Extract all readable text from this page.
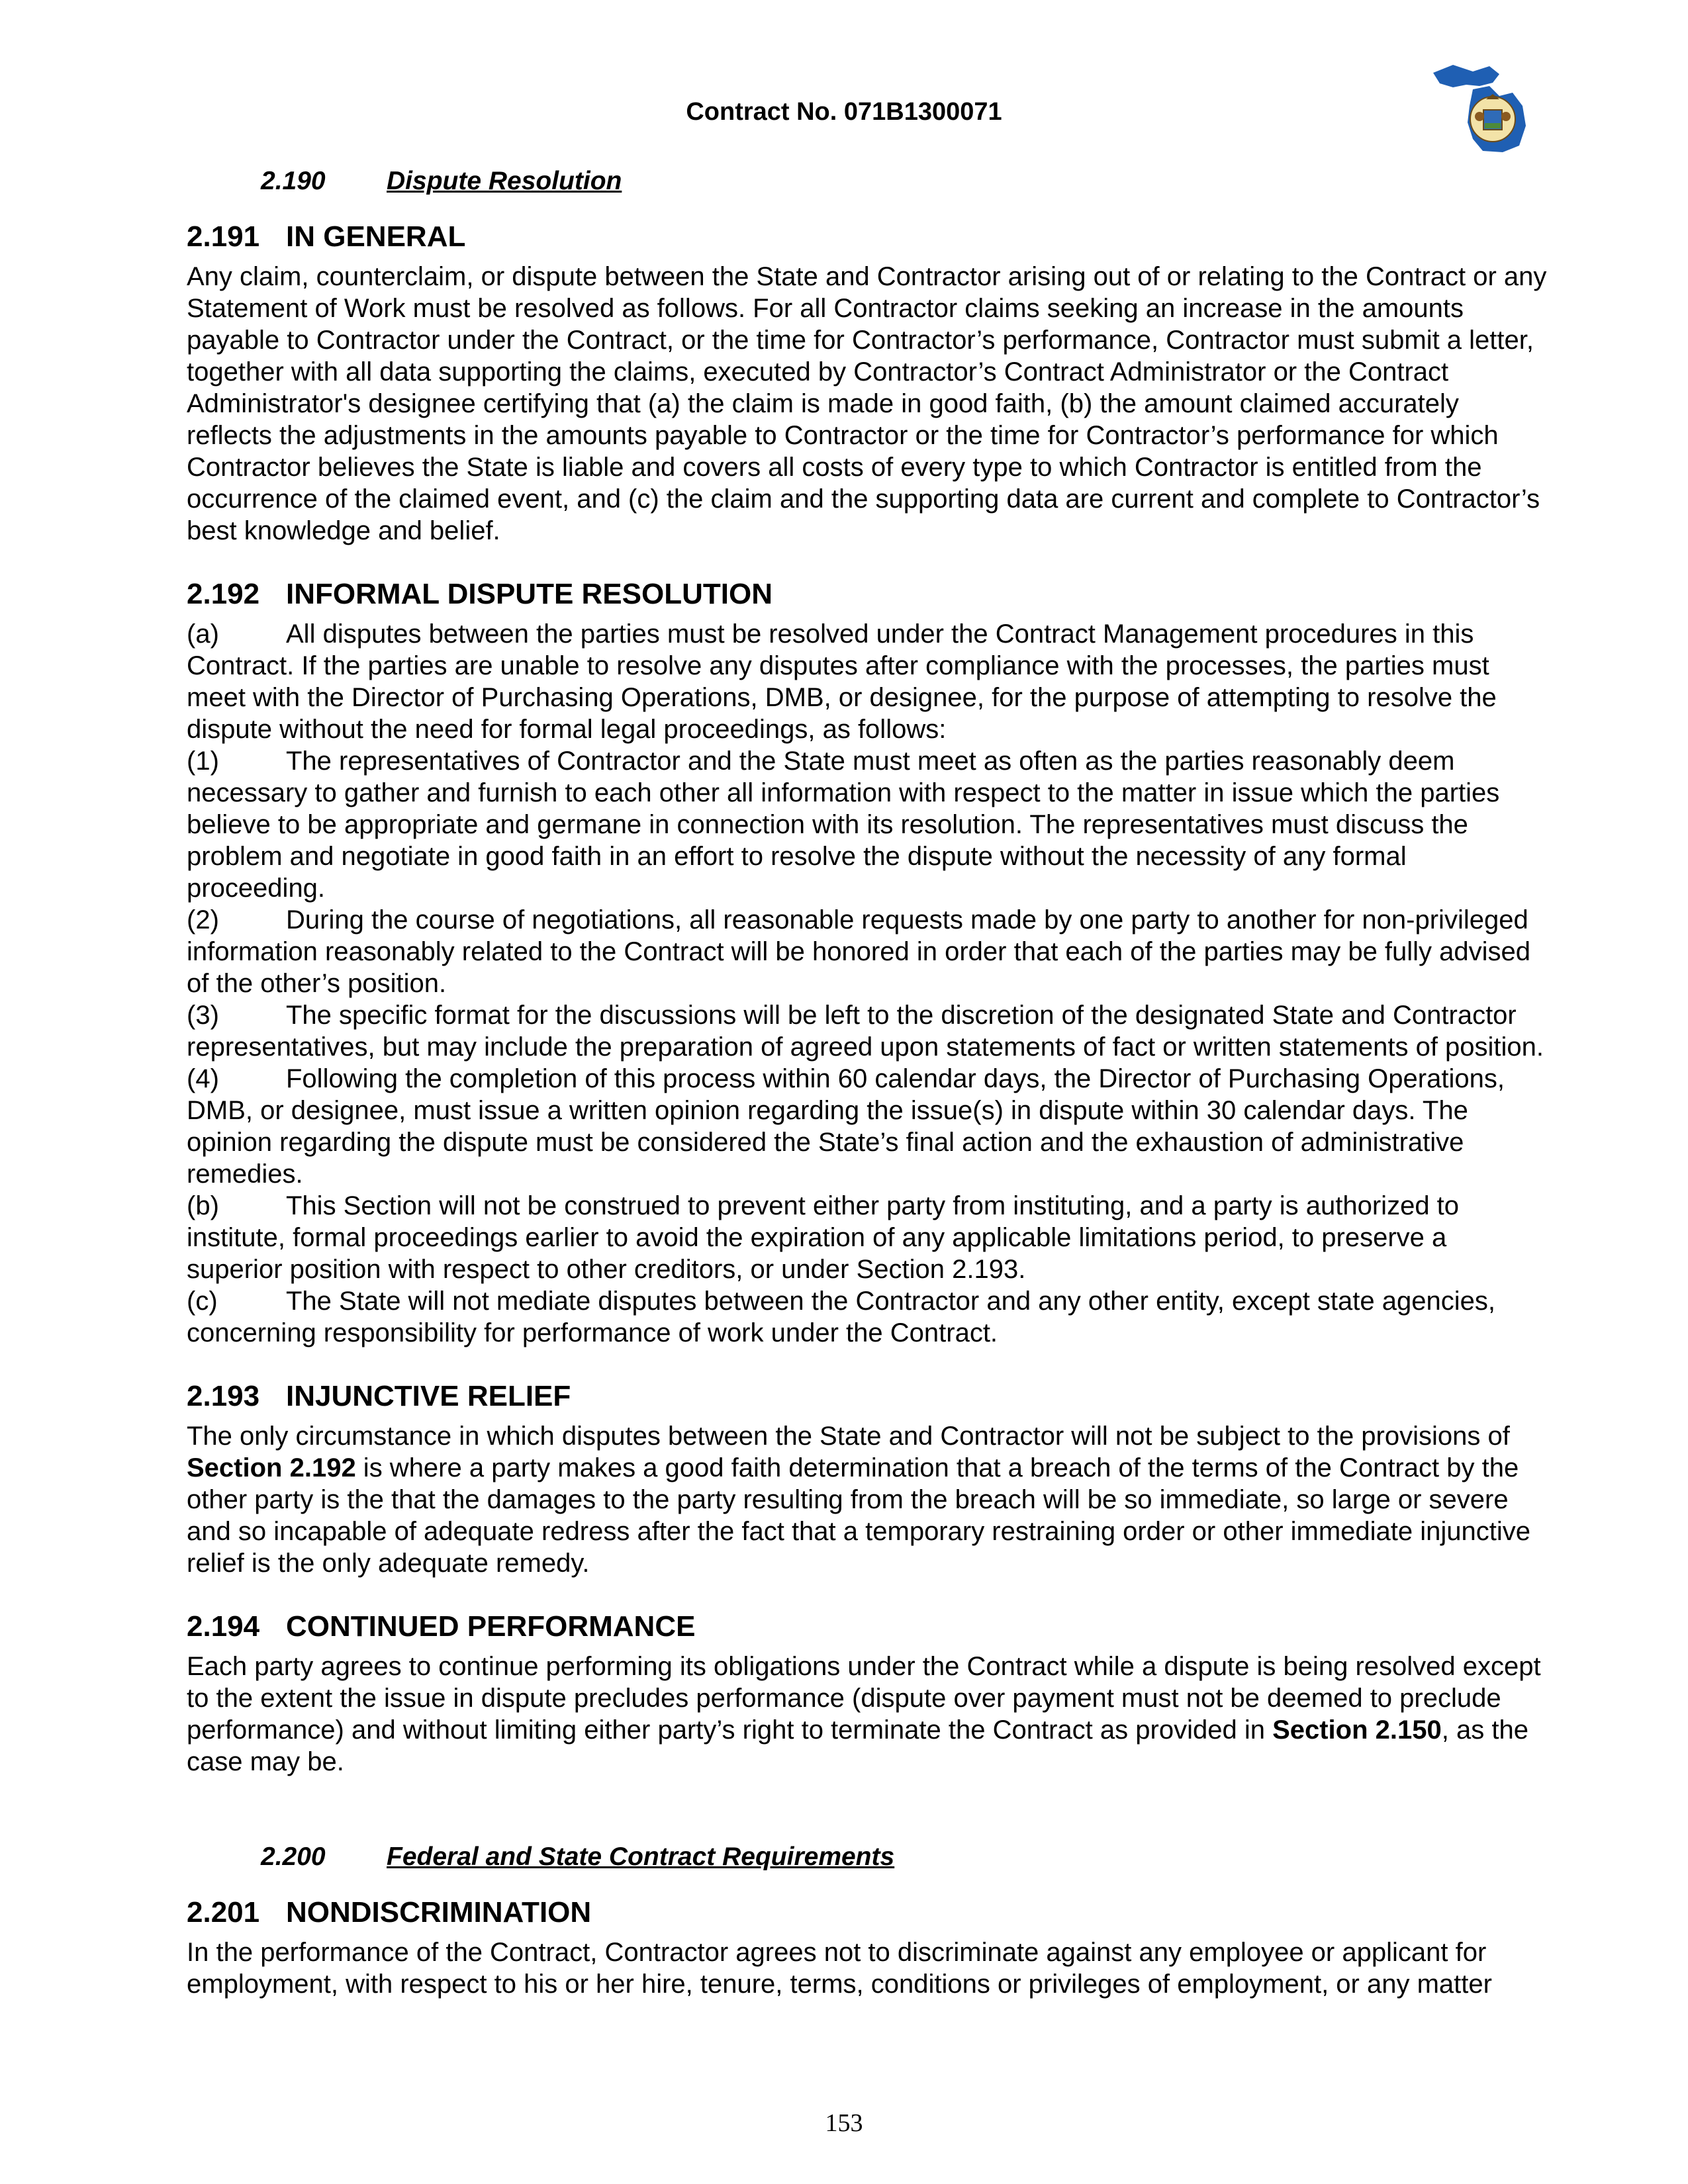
Contract No. 071B1300071
2.190 Dispute Resolution
2.191 IN GENERAL

Any claim, counterclaim, or dispute between the State and Contractor arising out of or relating to the Contract or any Statement of Work must be resolved as follows. For all Contractor claims seeking an increase in the amounts payable to Contractor under the Contract, or the time for Contractor’s performance, Contractor must submit a letter, together with all data supporting the claims, executed by Contractor’s Contract Administrator or the Contract Administrator's designee certifying that (a) the claim is made in good faith, (b) the amount claimed accurately reflects the adjustments in the amounts payable to Contractor or the time for Contractor’s performance for which Contractor believes the State is liable and covers all costs of every type to which Contractor is entitled from the occurrence of the claimed event, and (c) the claim and the supporting data are current and complete to Contractor’s best knowledge and belief.

2.192 INFORMAL DISPUTE RESOLUTION

(a)	All disputes between the parties must be resolved under the Contract Management procedures in this Contract. If the parties are unable to resolve any disputes after compliance with the processes, the parties must meet with the Director of Purchasing Operations, DMB, or designee, for the purpose of attempting to resolve the dispute without the need for formal legal proceedings, as follows:

(1)	The representatives of Contractor and the State must meet as often as the parties reasonably deem necessary to gather and furnish to each other all information with respect to the matter in issue which the parties believe to be appropriate and germane in connection with its resolution. The representatives must discuss the problem and negotiate in good faith in an effort to resolve the dispute without the necessity of any formal proceeding.

(2)	During the course of negotiations, all reasonable requests made by one party to another for non-privileged information reasonably related to the Contract will be honored in order that each of the parties may be fully advised of the other’s position.

(3)	The specific format for the discussions will be left to the discretion of the designated State and Contractor representatives, but may include the preparation of agreed upon statements of fact or written statements of position.

(4)	Following the completion of this process within 60 calendar days, the Director of Purchasing Operations, DMB, or designee, must issue a written opinion regarding the issue(s) in dispute within 30 calendar days. The opinion regarding the dispute must be considered the State’s final action and the exhaustion of administrative remedies.

(b)	This Section will not be construed to prevent either party from instituting, and a party is authorized to institute, formal proceedings earlier to avoid the expiration of any applicable limitations period, to preserve a superior position with respect to other creditors, or under Section 2.193.

(c)	The State will not mediate disputes between the Contractor and any other entity, except state agencies, concerning responsibility for performance of work under the Contract.

2.193 INJUNCTIVE RELIEF

The only circumstance in which disputes between the State and Contractor will not be subject to the provisions of Section 2.192 is where a party makes a good faith determination that a breach of the terms of the Contract by the other party is the that the damages to the party resulting from the breach will be so immediate, so large or severe and so incapable of adequate redress after the fact that a temporary restraining order or other immediate injunctive relief is the only adequate remedy.

2.194 CONTINUED PERFORMANCE

Each party agrees to continue performing its obligations under the Contract while a dispute is being resolved except to the extent the issue in dispute precludes performance (dispute over payment must not be deemed to preclude performance) and without limiting either party’s right to terminate the Contract as provided in Section 2.150, as the case may be.

2.200 Federal and State Contract Requirements
2.201 NONDISCRIMINATION

In the performance of the Contract, Contractor agrees not to discriminate against any employee or applicant for employment, with respect to his or her hire, tenure, terms, conditions or privileges of employment, or any matter

153
